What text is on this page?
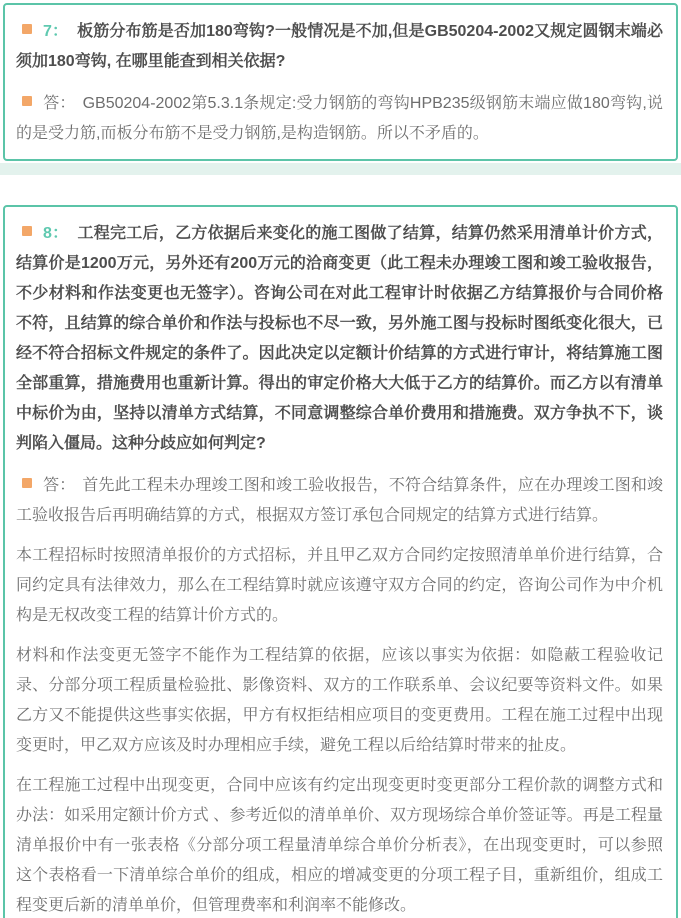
7： 板筋分布筋是否加180弯钩?一般情况是不加,但是GB50204-2002又规定圆钢末端必须加180弯钩, 在哪里能查到相关依据?
答： GB50204-2002第5.3.1条规定:受力钢筋的弯钩HPB235级钢筋末端应做180弯钩,说的是受力筋,而板分布筋不是受力钢筋,是构造钢筋。所以不矛盾的。
8： 工程完工后，乙方依据后来变化的施工图做了结算，结算仍然采用清单计价方式，结算价是1200万元，另外还有200万元的洽商变更（此工程未办理竣工图和竣工验收报告，不少材料和作法变更也无签字）。咨询公司在对此工程审计时依据乙方结算报价与合同价格不符，且结算的综合单价和作法与投标也不尽一致，另外施工图与投标时图纸变化很大，已经不符合招标文件规定的条件了。因此决定以定额计价结算的方式进行审计，将结算施工图全部重算，措施费用也重新计算。得出的审定价格大大低于乙方的结算价。而乙方以有清单中标价为由，坚持以清单方式结算，不同意调整综合单价费用和措施费。双方争执不下，谈判陷入僵局。这种分歧应如何判定?
答： 首先此工程未办理竣工图和竣工验收报告，不符合结算条件，应在办理竣工图和竣工验收报告后再明确结算的方式，根据双方签订承包合同规定的结算方式进行结算。
本工程招标时按照清单报价的方式招标，并且甲乙双方合同约定按照清单单价进行结算，合同约定具有法律效力，那么在工程结算时就应该遵守双方合同的约定，咨询公司作为中介机构是无权改变工程的结算计价方式的。
材料和作法变更无签字不能作为工程结算的依据，应该以事实为依据：如隐蔽工程验收记录、分部分项工程质量检验批、影像资料、双方的工作联系单、会议纪要等资料文件。如果乙方又不能提供这些事实依据，甲方有权拒结相应项目的变更费用。工程在施工过程中出现变更时，甲乙双方应该及时办理相应手续，避免工程以后给结算时带来的扯皮。
在工程施工过程中出现变更，合同中应该有约定出现变更时变更部分工程价款的调整方式和办法：如采用定额计价方式 、参考近似的清单单价、双方现场综合单价签证等。再是工程量清单报价中有一张表格《分部分项工程量清单综合单价分析表》，在出现变更时，可以参照这个表格看一下清单综合单价的组成，相应的增减变更的分项工程子目，重新组价，组成工程变更后新的清单单价，但管理费率和利润率不能修改。
